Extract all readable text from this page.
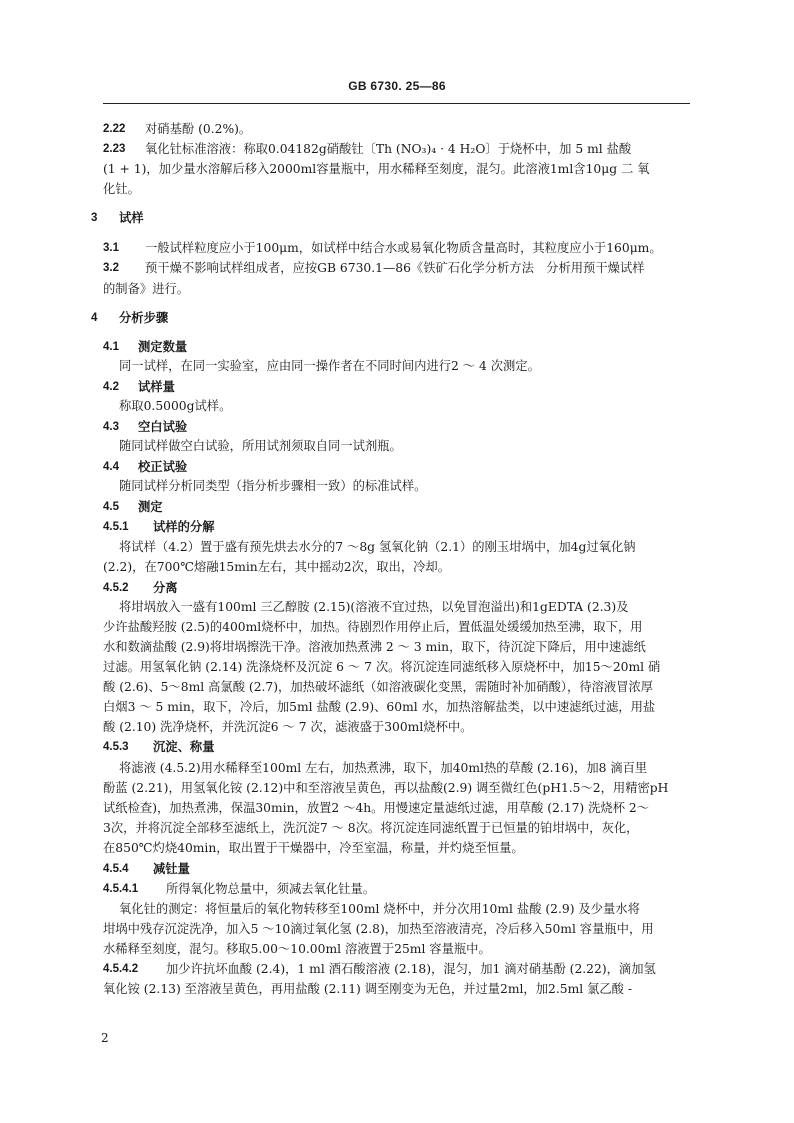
GB 6730. 25—86
2.22 对硝基酚 (0.2%)。
2.23 氧化钍标准溶液：称取0.04182g硝酸钍〔Th (NO₃)₄ · 4 H₂O〕于烧杯中，加 5 ml 盐酸
(1 + 1)，加少量水溶解后移入2000ml容量瓶中，用水稀释至刻度，混匀。此溶液1ml含10μg 二 氧
化钍。
3 试样
3.1 一般试样粒度应小于100μm，如试样中结合水或易氧化物质含量高时，其粒度应小于160μm。
3.2 预干燥不影响试样组成者，应按GB 6730.1—86《铁矿石化学分析方法　分析用预干燥试样
的制备》进行。
4 分析步骤
4.1 测定数量
同一试样，在同一实验室，应由同一操作者在不同时间内进行2 ～ 4 次测定。
4.2 试样量
称取0.5000g试样。
4.3 空白试验
随同试样做空白试验，所用试剂须取自同一试剂瓶。
4.4 校正试验
随同试样分析同类型（指分析步骤相一致）的标准试样。
4.5 测定
4.5.1 试样的分解
将试样（4.2）置于盛有预先烘去水分的7 ～8g 氢氧化钠（2.1）的刚玉坩埚中，加4g过氧化钠
(2.2)，在700℃熔融15min左右，其中摇动2次，取出，冷却。
4.5.2 分离
将坩埚放入一盛有100ml 三乙醇胺 (2.15)(溶液不宜过热，以免冒泡溢出)和1gEDTA (2.3)及
少许盐酸羟胺 (2.5)的400ml烧杯中，加热。待剧烈作用停止后，置低温处缓缓加热至沸，取下，用
水和数滴盐酸 (2.9)将坩埚擦洗干净。溶液加热煮沸 2 ～ 3 min，取下，待沉淀下降后，用中速滤纸
过滤。用氢氧化钠 (2.14) 洗涤烧杯及沉淀 6 ～ 7 次。将沉淀连同滤纸移入原烧杯中，加15～20ml 硝
酸 (2.6)、5～8ml 高氯酸 (2.7)，加热破坏滤纸（如溶液碳化变黑，需随时补加硝酸），待溶液冒浓厚
白烟3 ～ 5 min，取下，冷后，加5ml 盐酸 (2.9)、60ml 水，加热溶解盐类，以中速滤纸过滤，用盐
酸 (2.10) 洗净烧杯，并洗沉淀6 ～ 7 次，滤液盛于300ml烧杯中。
4.5.3 沉淀、称量
将滤液 (4.5.2)用水稀释至100ml 左右，加热煮沸，取下，加40ml热的草酸 (2.16)，加8 滴百里
酚蓝 (2.21)，用氢氧化铵 (2.12)中和至溶液呈黄色，再以盐酸(2.9) 调至微红色(pH1.5～2，用精密pH
试纸检查)，加热煮沸，保温30min，放置2 ～4h。用慢速定量滤纸过滤，用草酸 (2.17) 洗烧杯 2～
3次，并将沉淀全部移至滤纸上，洗沉淀7 ～ 8次。将沉淀连同滤纸置于已恒量的铂坩埚中，灰化，
在850℃灼烧40min，取出置于干燥器中，冷至室温，称量，并灼烧至恒量。
4.5.4 减钍量
4.5.4.1 所得氧化物总量中，须减去氧化钍量。
氧化钍的测定：将恒量后的氧化物转移至100ml 烧杯中，并分次用10ml 盐酸 (2.9) 及少量水将
坩埚中残存沉淀洗净，加入5 ～10滴过氧化氢 (2.8)，加热至溶液清亮，冷后移入50ml 容量瓶中，用
水稀释至刻度，混匀。移取5.00～10.00ml 溶液置于25ml 容量瓶中。
4.5.4.2 加少许抗坏血酸 (2.4)，1 ml 酒石酸溶液 (2.18)，混匀，加1 滴对硝基酚 (2.22)，滴加氢
氧化铵 (2.13) 至溶液呈黄色，再用盐酸 (2.11) 调至刚变为无色，并过量2ml，加2.5ml 氯乙酸 -
2
